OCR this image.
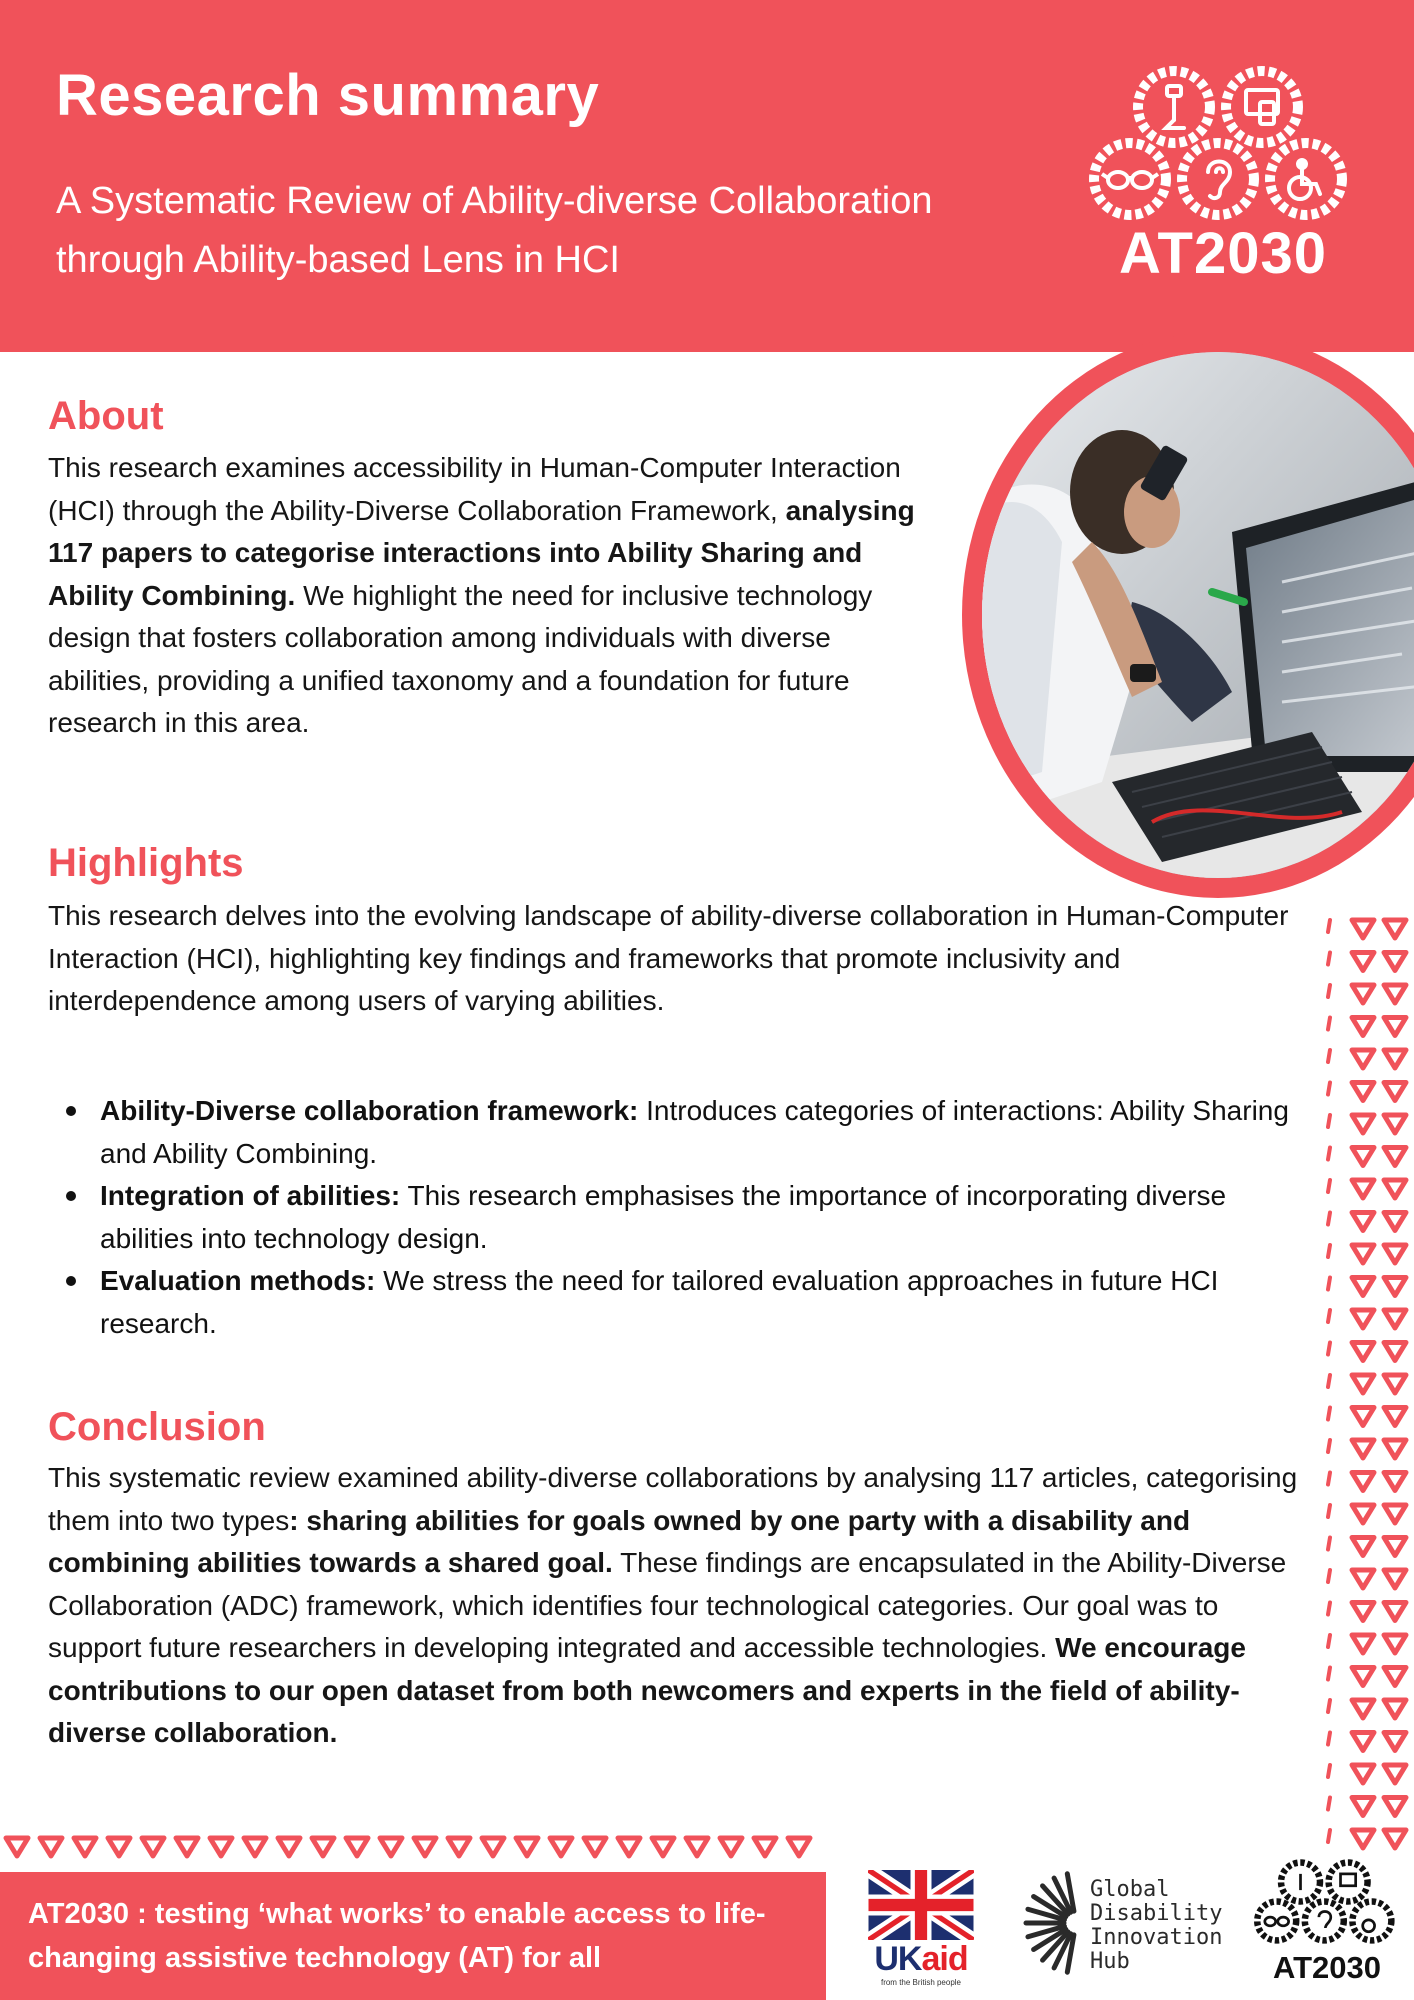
Research summary
A Systematic Review of Ability-diverse Collaboration through Ability-based Lens in HCI	AT2030
About
This research examines accessibility in Human-Computer Interaction (HCI) through the Ability-Diverse Collaboration Framework, analysing 117 papers to categorise interactions into Ability Sharing and Ability Combining. We highlight the need for inclusive technology design that fosters collaboration among individuals with diverse abilities, providing a unified taxonomy and a foundation for future research in this area.
Highlights
This research delves into the evolving landscape of ability-diverse collaboration in Human-Computer Interaction (HCI), highlighting key findings and frameworks that promote inclusivity and interdependence among users of varying abilities.
Ability-Diverse collaboration framework: Introduces categories of interactions: Ability Sharing and Ability Combining.
Integration of abilities: This research emphasises the importance of incorporating diverse abilities into technology design.
Evaluation methods: We stress the need for tailored evaluation approaches in future HCI research.
Conclusion
This systematic review examined ability-diverse collaborations by analysing 117 articles, categorising them into two types: sharing abilities for goals owned by one party with a disability and combining abilities towards a shared goal. These findings are encapsulated in the Ability-Diverse Collaboration (ADC) framework, which identifies four technological categories. Our goal was to support future researchers in developing integrated and accessible technologies. We encourage contributions to our open dataset from both newcomers and experts in the field of ability-diverse collaboration.
AT2030 : testing ‘what works’ to enable access to life-changing assistive technology (AT) for all	UKaid
from the British people
Global
Disability
Innovation
Hub	AT2030
